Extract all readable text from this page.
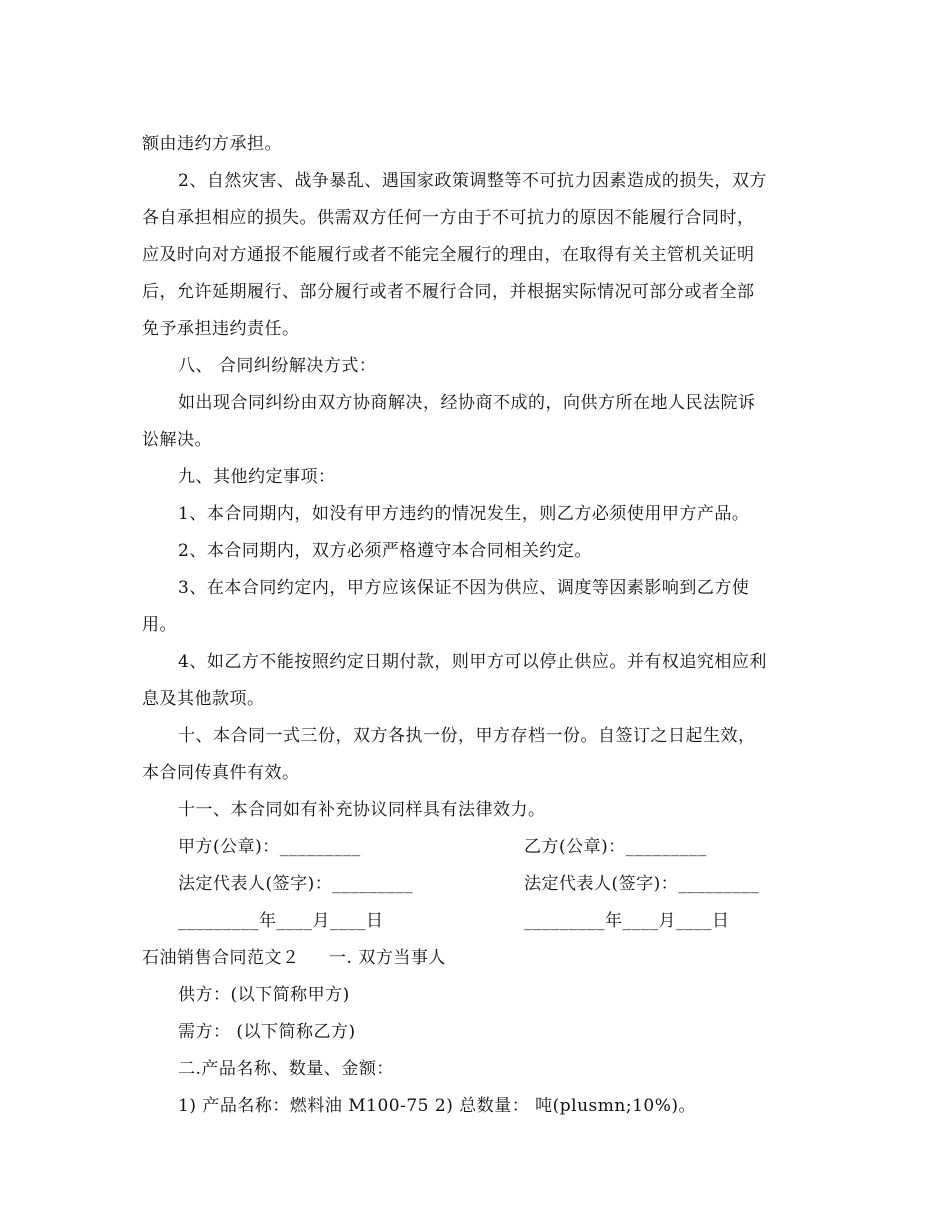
额由违约方承担。
2、自然灾害、战争暴乱、遇国家政策调整等不可抗力因素造成的损失，双方
各自承担相应的损失。供需双方任何一方由于不可抗力的原因不能履行合同时，
应及时向对方通报不能履行或者不能完全履行的理由，在取得有关主管机关证明
后，允许延期履行、部分履行或者不履行合同，并根据实际情况可部分或者全部
免予承担违约责任。
八、 合同纠纷解决方式：
如出现合同纠纷由双方协商解决，经协商不成的，向供方所在地人民法院诉
讼解决。
九、其他约定事项：
1、本合同期内，如没有甲方违约的情况发生，则乙方必须使用甲方产品。
2、本合同期内，双方必须严格遵守本合同相关约定。
3、在本合同约定内，甲方应该保证不因为供应、调度等因素影响到乙方使
用。
4、如乙方不能按照约定日期付款，则甲方可以停止供应。并有权追究相应利
息及其他款项。
十、本合同一式三份，双方各执一份，甲方存档一份。自签订之日起生效，
本合同传真件有效。
十一、本合同如有补充协议同样具有法律效力。
甲方(公章)：_________	乙方(公章)：_________
法定代表人(签字)：_________	法定代表人(签字)：_________
_________年____月____日	_________年____月____日
石油销售合同范文２     一. 双方当事人
供方：(以下简称甲方)
需方： (以下简称乙方)
二.产品名称、数量、金额：
1) 产品名称：燃料油 M100-75 2) 总数量： 吨(plusmn;10%)。
